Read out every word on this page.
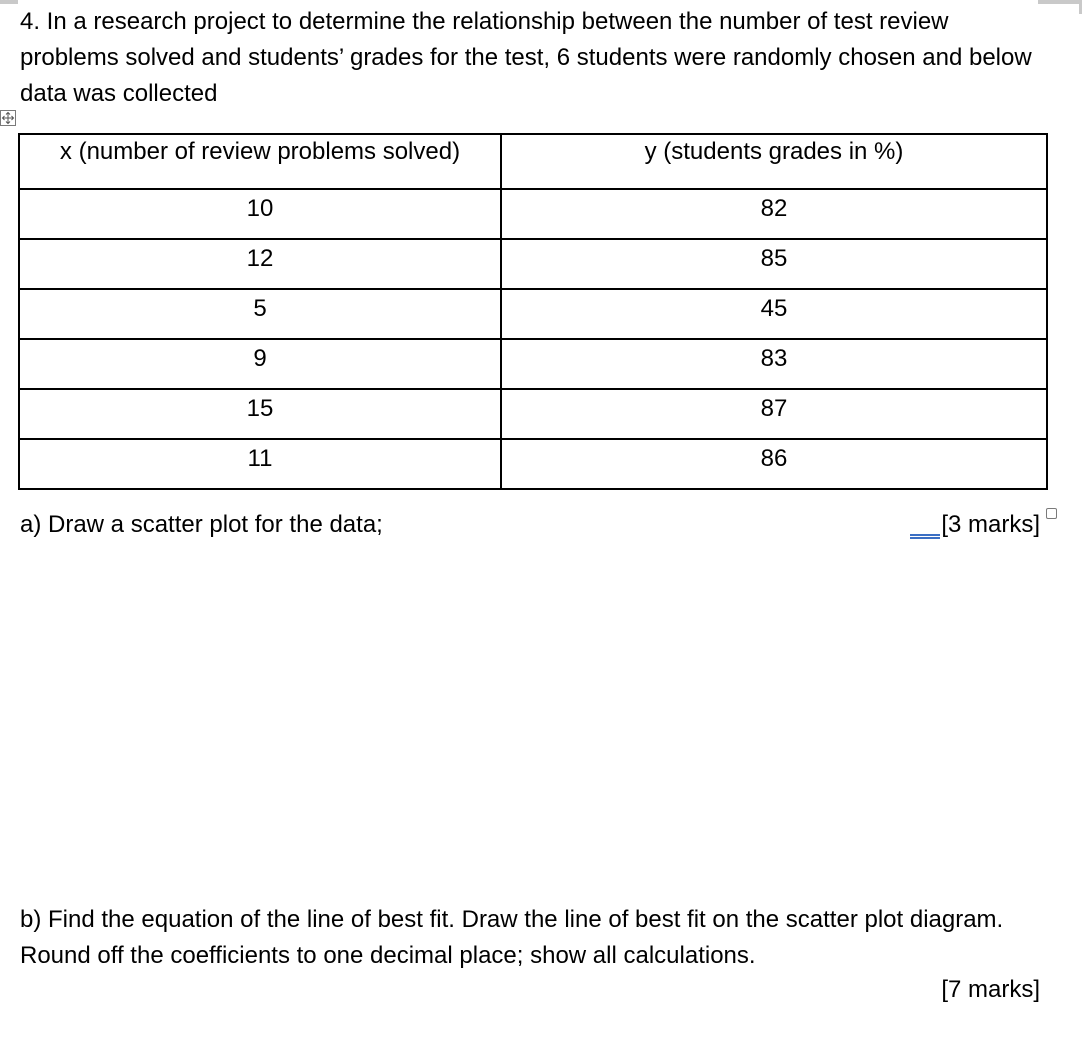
4. In a research project to determine the relationship between the number of test review problems solved and students’ grades for the test, 6 students were randomly chosen and below data was collected

x (number of review problems solved)	y (students grades in %)
10	82
12	85
5	45
9	83
15	87
11	86
a) Draw a scatter plot for the data;	[3 marks]

b) Find the equation of the line of best fit. Draw the line of best fit on the scatter plot diagram. Round off the coefficients to one decimal place; show all calculations.

[7 marks]
